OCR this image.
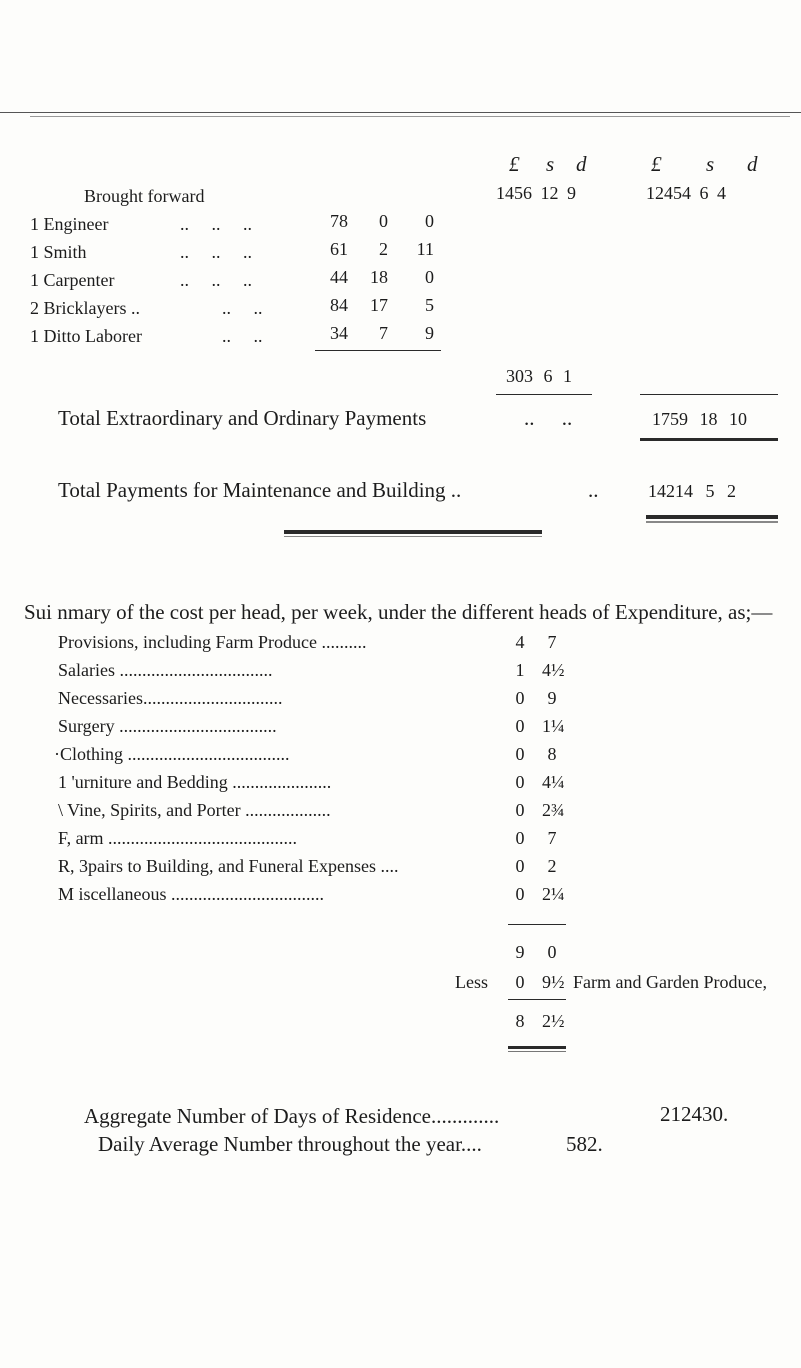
£ s d	£ s d
Brought forward	1456 12 9	12454 6 4
1 Engineer	.. .. ..	78	0	0
1 Smith	.. .. ..	61	2	11
1 Carpenter	.. .. ..	44	18	0
2 Bricklayers ..	.. ..	84	17	5
1 Ditto Laborer	.. ..	34	7	9
303 6 1
Total Extraordinary and Ordinary Payments	.. ..	1759 18 10
Total Payments for Maintenance and Building ..	..	14214 5 2
Sui nmary of the cost per head, per week, under the different heads of Expenditure, as;—
Provisions, including Farm Produce ..........	4	7
Salaries ..................................	1 4½
Necessaries...............................	0	9
Surgery ...................................	0 1¼
·Clothing ....................................	0	8
1 'urniture and Bedding ......................	0 4¼
\ Vine, Spirits, and Porter ...................	0 2¾
F, arm ..........................................	0	7
R, 3pairs to Building, and Funeral Expenses ....	0	2
M iscellaneous ..................................	0 2¼
9	0
Less	0 9½ Farm and Garden Produce,
8 2½
Aggregate Number of Days of Residence.............	212430.
Daily Average Number throughout the year....	582.
